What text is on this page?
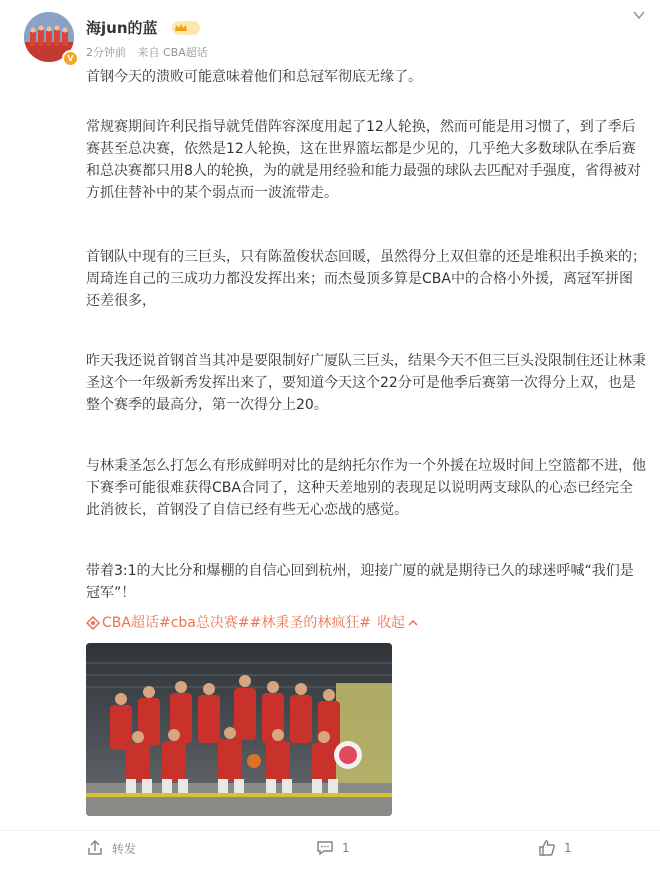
V
海jun的蓝
2分钟前 来自 CBA超话

首钢今天的溃败可能意味着他们和总冠军彻底无缘了。

常规赛期间许利民指导就凭借阵容深度用起了12人轮换，然而可能是用习惯了，到了季后赛甚至总决赛，依然是12人轮换，这在世界篮坛都是少见的，几乎绝大多数球队在季后赛和总决赛都只用8人的轮换，为的就是用经验和能力最强的球队去匹配对手强度，省得被对方抓住替补中的某个弱点而一波流带走。

首钢队中现有的三巨头，只有陈盈俊状态回暖，虽然得分上双但靠的还是堆积出手换来的；周琦连自己的三成功力都没发挥出来；而杰曼顶多算是CBA中的合格小外援，离冠军拼图还差很多，

昨天我还说首钢首当其冲是要限制好广厦队三巨头，结果今天不但三巨头没限制住还让林秉圣这个一年级新秀发挥出来了，要知道今天这个22分可是他季后赛第一次得分上双，也是整个赛季的最高分，第一次得分上20。

与林秉圣怎么打怎么有形成鲜明对比的是纳托尔作为一个外援在垃圾时间上空篮都不进，他下赛季可能很难获得CBA合同了，这种天差地别的表现足以说明两支球队的心态已经完全此消彼长，首钢没了自信已经有些无心恋战的感觉。

带着3:1的大比分和爆棚的自信心回到杭州，迎接广厦的就是期待已久的球迷呼喊“我们是冠军”！

CBA超话 #cba总决赛# #林秉圣的林疯狂# 收起
转发	1	1
